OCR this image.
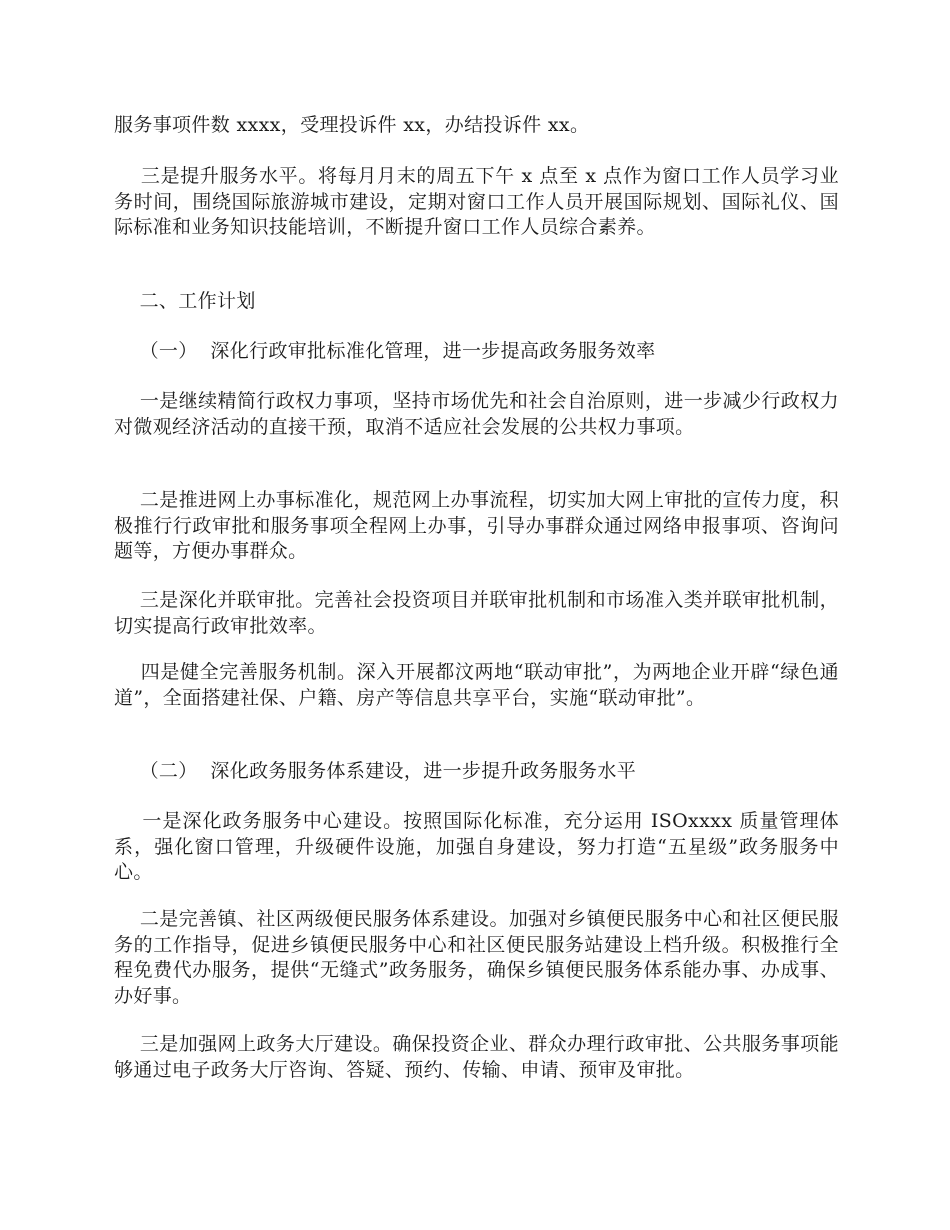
服务事项件数 xxxx，受理投诉件 xx，办结投诉件 xx。

三是提升服务水平。将每月月末的周五下午 x 点至 x 点作为窗口工作人员学习业务时间，围绕国际旅游城市建设，定期对窗口工作人员开展国际规划、国际礼仪、国际标准和业务知识技能培训，不断提升窗口工作人员综合素养。

二、工作计划

（一）  深化行政审批标准化管理，进一步提高政务服务效率

一是继续精简行政权力事项，坚持市场优先和社会自治原则，进一步减少行政权力对微观经济活动的直接干预，取消不适应社会发展的公共权力事项。

二是推进网上办事标准化，规范网上办事流程，切实加大网上审批的宣传力度，积极推行行政审批和服务事项全程网上办事，引导办事群众通过网络申报事项、咨询问题等，方便办事群众。

三是深化并联审批。完善社会投资项目并联审批机制和市场准入类并联审批机制，切实提高行政审批效率。

四是健全完善服务机制。深入开展都汶两地“联动审批”，为两地企业开辟“绿色通道”，全面搭建社保、户籍、房产等信息共享平台，实施“联动审批”。

（二）  深化政务服务体系建设，进一步提升政务服务水平

一是深化政务服务中心建设。按照国际化标准，充分运用 ISOxxxx 质量管理体系，强化窗口管理，升级硬件设施，加强自身建设，努力打造“五星级”政务服务中心。

二是完善镇、社区两级便民服务体系建设。加强对乡镇便民服务中心和社区便民服务的工作指导，促进乡镇便民服务中心和社区便民服务站建设上档升级。积极推行全程免费代办服务，提供“无缝式”政务服务，确保乡镇便民服务体系能办事、办成事、办好事。

三是加强网上政务大厅建设。确保投资企业、群众办理行政审批、公共服务事项能够通过电子政务大厅咨询、答疑、预约、传输、申请、预审及审批。
